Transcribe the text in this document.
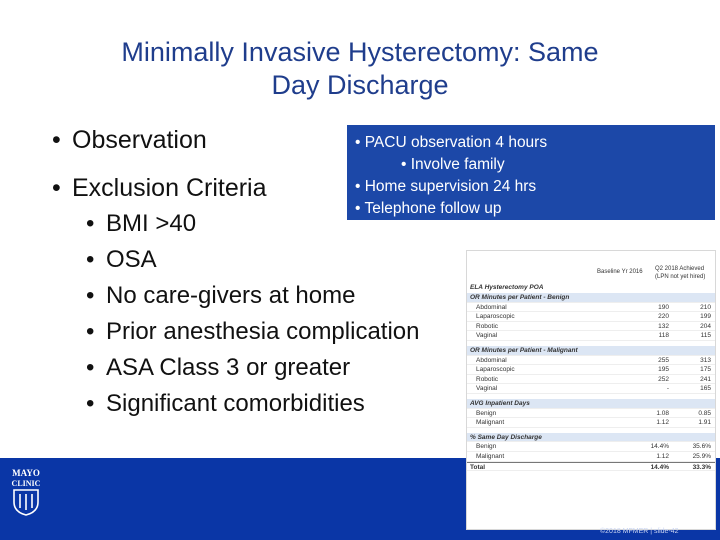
Minimally Invasive Hysterectomy: Same
Day Discharge
• Observation
• Exclusion Criteria
• BMI >40
• OSA
• No care-givers at home
• Prior anesthesia complication
• ASA Class 3 or greater
• Significant comorbidities
• PACU observation 4 hours
• Involve family
• Home supervision 24 hrs
• Telephone follow up
MAYO
CLINIC
Baseline Yr 2016 Q2 2018 Achieved
(LPN not yet hired)
ELA Hysterectomy POA
OR Minutes per Patient - Benign
Abdominal	190	210
Laparoscopic	220	199
Robotic	132	204
Vaginal	118	115
OR Minutes per Patient - Malignant
Abdominal	255	313
Laparoscopic	195	175
Robotic	252	241
Vaginal	-	165
AVG Inpatient Days
Benign	1.08	0.85
Malignant	1.12	1.91
% Same Day Discharge
Benign	14.4%	35.6%
Malignant	1.12	25.9%
Total	14.4%	33.3%
©2018 MFMER | slide-42
